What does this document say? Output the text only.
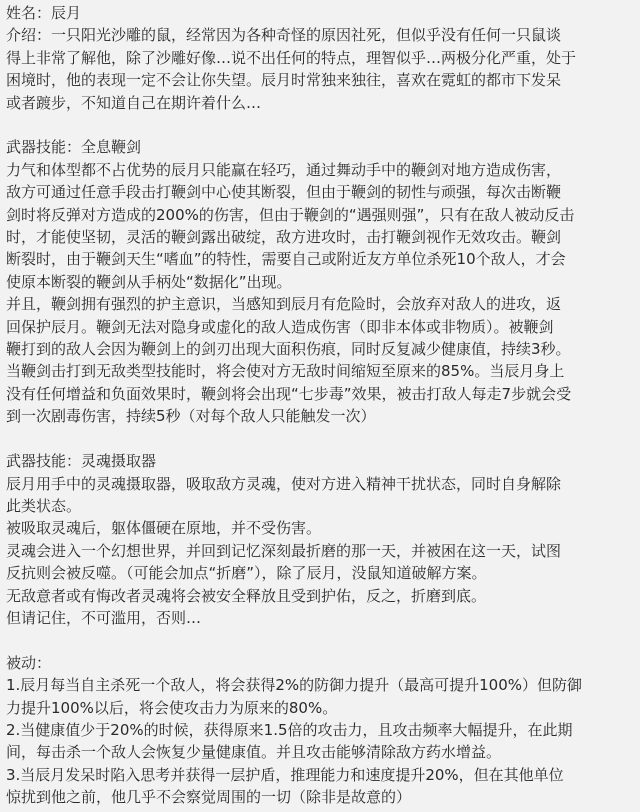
姓名：辰月
介绍：一只阳光沙雕的鼠，经常因为各种奇怪的原因社死，但似乎没有任何一只鼠谈
得上非常了解他，除了沙雕好像…说不出任何的特点，理智似乎…两极分化严重，处于
困境时，他的表现一定不会让你失望。辰月时常独来独往，喜欢在霓虹的都市下发呆
或者踱步，不知道自己在期许着什么…
武器技能：全息鞭剑
力气和体型都不占优势的辰月只能赢在轻巧，通过舞动手中的鞭剑对地方造成伤害，
敌方可通过任意手段击打鞭剑中心使其断裂，但由于鞭剑的韧性与顽强，每次击断鞭
剑时将反弹对方造成的200%的伤害，但由于鞭剑的“遇强则强”，只有在敌人被动反击
时，才能使坚韧，灵活的鞭剑露出破绽，敌方进攻时，击打鞭剑视作无效攻击。鞭剑
断裂时，由于鞭剑天生“嗜血”的特性，需要自己或附近友方单位杀死10个敌人，才会
使原本断裂的鞭剑从手柄处“数据化”出现。
并且，鞭剑拥有强烈的护主意识，当感知到辰月有危险时，会放弃对敌人的进攻，返
回保护辰月。鞭剑无法对隐身或虚化的敌人造成伤害（即非本体或非物质）。被鞭剑
鞭打到的敌人会因为鞭剑上的剑刃出现大面积伤痕，同时反复减少健康值，持续3秒。
当鞭剑击打到无敌类型技能时，将会使对方无敌时间缩短至原来的85%。当辰月身上
没有任何增益和负面效果时，鞭剑将会出现“七步毒”效果，被击打敌人每走7步就会受
到一次剧毒伤害，持续5秒（对每个敌人只能触发一次）
武器技能：灵魂摄取器
辰月用手中的灵魂摄取器，吸取敌方灵魂，使对方进入精神干扰状态，同时自身解除
此类状态。
被吸取灵魂后，躯体僵硬在原地，并不受伤害。
灵魂会进入一个幻想世界，并回到记忆深刻最折磨的那一天，并被困在这一天，试图
反抗则会被反噬。（可能会加点“折磨”），除了辰月，没鼠知道破解方案。
无敌意者或有悔改者灵魂将会被安全释放且受到护佑，反之，折磨到底。
但请记住，不可滥用，否则…
被动：
1.辰月每当自主杀死一个敌人，将会获得2%的防御力提升（最高可提升100%）但防御
力提升100%以后，将会使攻击力为原来的80%。
2.当健康值少于20%的时候，获得原来1.5倍的攻击力，且攻击频率大幅提升，在此期
间，每击杀一个敌人会恢复少量健康值。并且攻击能够清除敌方药水增益。
3.当辰月发呆时陷入思考并获得一层护盾，推理能力和速度提升20%，但在其他单位
惊扰到他之前，他几乎不会察觉周围的一切（除非是故意的）
